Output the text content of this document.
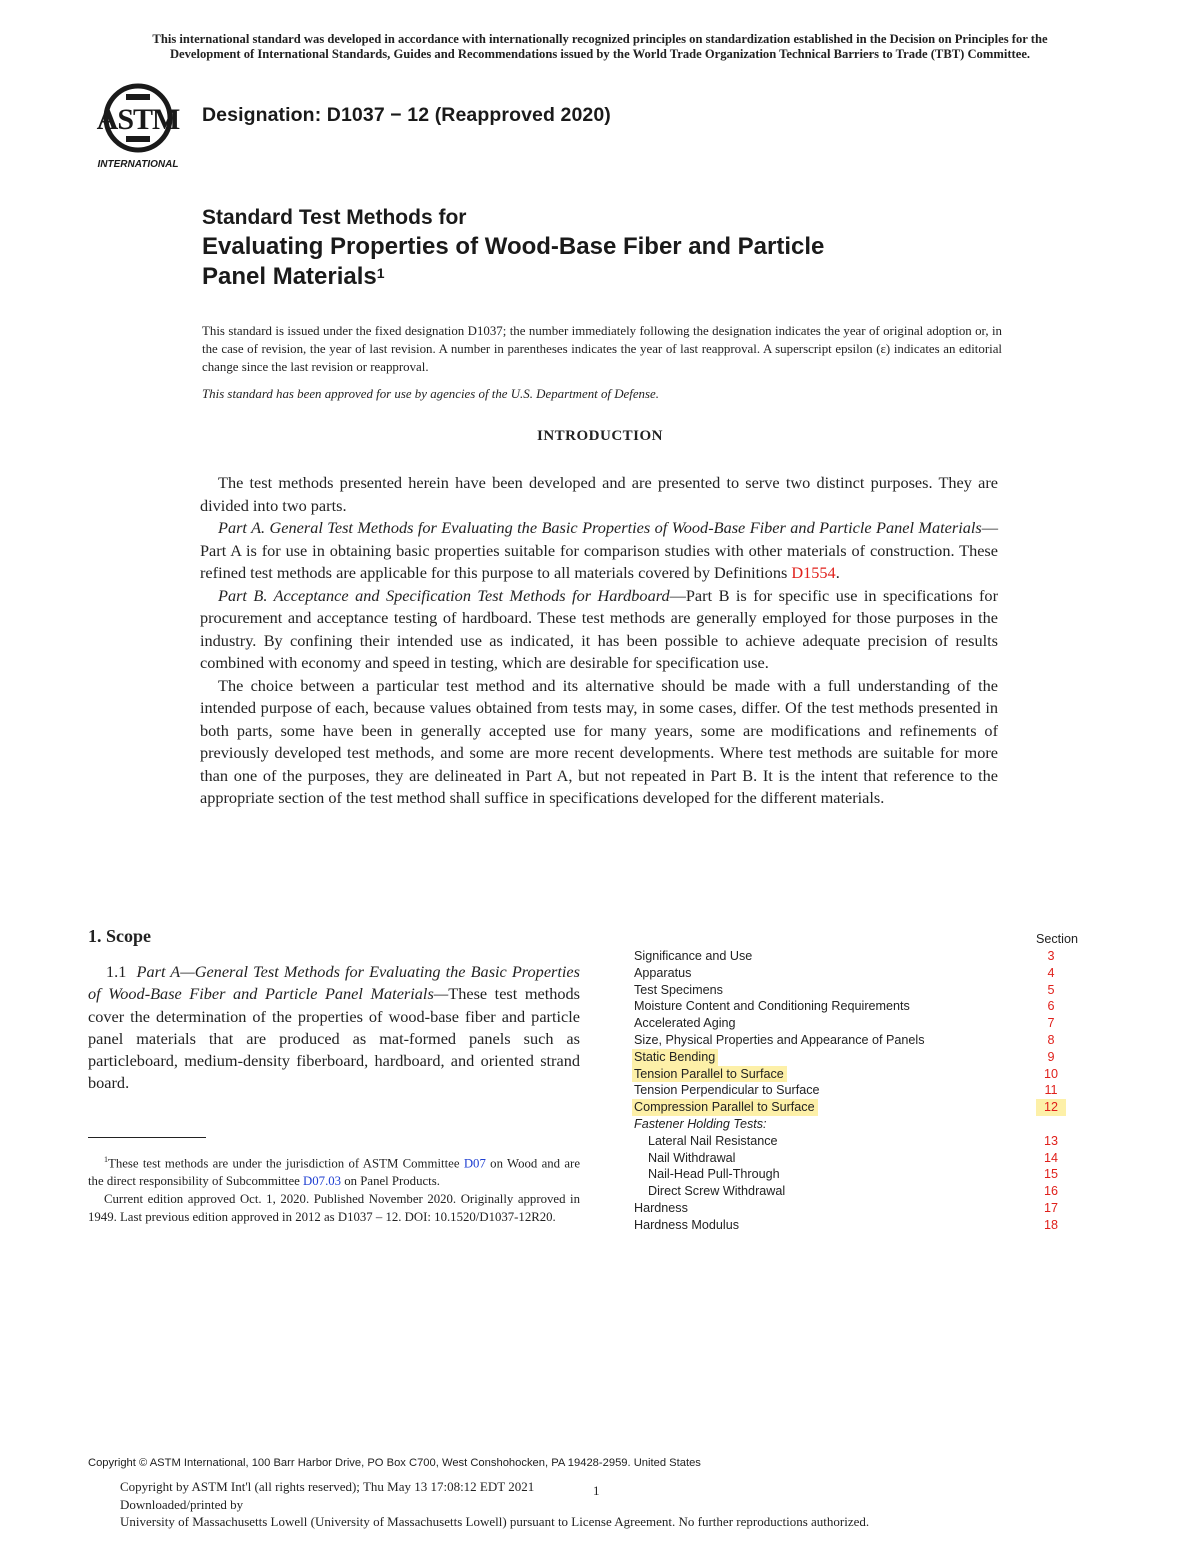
This international standard was developed in accordance with internationally recognized principles on standardization established in the Decision on Principles for the
Development of International Standards, Guides and Recommendations issued by the World Trade Organization Technical Barriers to Trade (TBT) Committee.
ASTM
INTERNATIONAL
Designation: D1037 − 12 (Reapproved 2020)
Standard Test Methods for
Evaluating Properties of Wood-Base Fiber and Particle
Panel Materials$^1$
This standard is issued under the fixed designation D1037; the number immediately following the designation indicates the year of original adoption or, in the case of revision, the year of last revision. A number in parentheses indicates the year of last reapproval. A superscript epsilon (ε) indicates an editorial change since the last revision or reapproval.
This standard has been approved for use by agencies of the U.S. Department of Defense.
INTRODUCTION

The test methods presented herein have been developed and are presented to serve two distinct purposes. They are divided into two parts.

Part A. General Test Methods for Evaluating the Basic Properties of Wood-Base Fiber and Particle Panel Materials—Part A is for use in obtaining basic properties suitable for comparison studies with other materials of construction. These refined test methods are applicable for this purpose to all materials covered by Definitions D1554.

Part B. Acceptance and Specification Test Methods for Hardboard—Part B is for specific use in specifications for procurement and acceptance testing of hardboard. These test methods are generally employed for those purposes in the industry. By confining their intended use as indicated, it has been possible to achieve adequate precision of results combined with economy and speed in testing, which are desirable for specification use.

The choice between a particular test method and its alternative should be made with a full understanding of the intended purpose of each, because values obtained from tests may, in some cases, differ. Of the test methods presented in both parts, some have been in generally accepted use for many years, some are modifications and refinements of previously developed test methods, and some are more recent developments. Where test methods are suitable for more than one of the purposes, they are delineated in Part A, but not repeated in Part B. It is the intent that reference to the appropriate section of the test method shall suffice in specifications developed for the different materials.

1. Scope
1.1 Part A—General Test Methods for Evaluating the Basic Properties of Wood-Base Fiber and Particle Panel Materials—These test methods cover the determination of the properties of wood-base fiber and particle panel materials that are produced as mat-formed panels such as particleboard, medium-density fiberboard, hardboard, and oriented strand board.

$^1$These test methods are under the jurisdiction of ASTM Committee D07 on Wood and are the direct responsibility of Subcommittee D07.03 on Panel Products.

Current edition approved Oct. 1, 2020. Published November 2020. Originally approved in 1949. Last previous edition approved in 2012 as D1037 – 12. DOI: 10.1520/D1037-12R20.

Section
Significance and Use	3
Apparatus	4
Test Specimens	5
Moisture Content and Conditioning Requirements	6
Accelerated Aging	7
Size, Physical Properties and Appearance of Panels	8
Static Bending	9
Tension Parallel to Surface	10
Tension Perpendicular to Surface	11
Compression Parallel to Surface	12
Fastener Holding Tests:
Lateral Nail Resistance	13
Nail Withdrawal	14
Nail-Head Pull-Through	15
Direct Screw Withdrawal	16
Hardness	17
Hardness Modulus	18
Copyright © ASTM International, 100 Barr Harbor Drive, PO Box C700, West Conshohocken, PA 19428-2959. United States
Copyright by ASTM Int'l (all rights reserved); Thu May 13 17:08:12 EDT 2021
Downloaded/printed by
University of Massachusetts Lowell (University of Massachusetts Lowell) pursuant to License Agreement. No further reproductions authorized.
1
